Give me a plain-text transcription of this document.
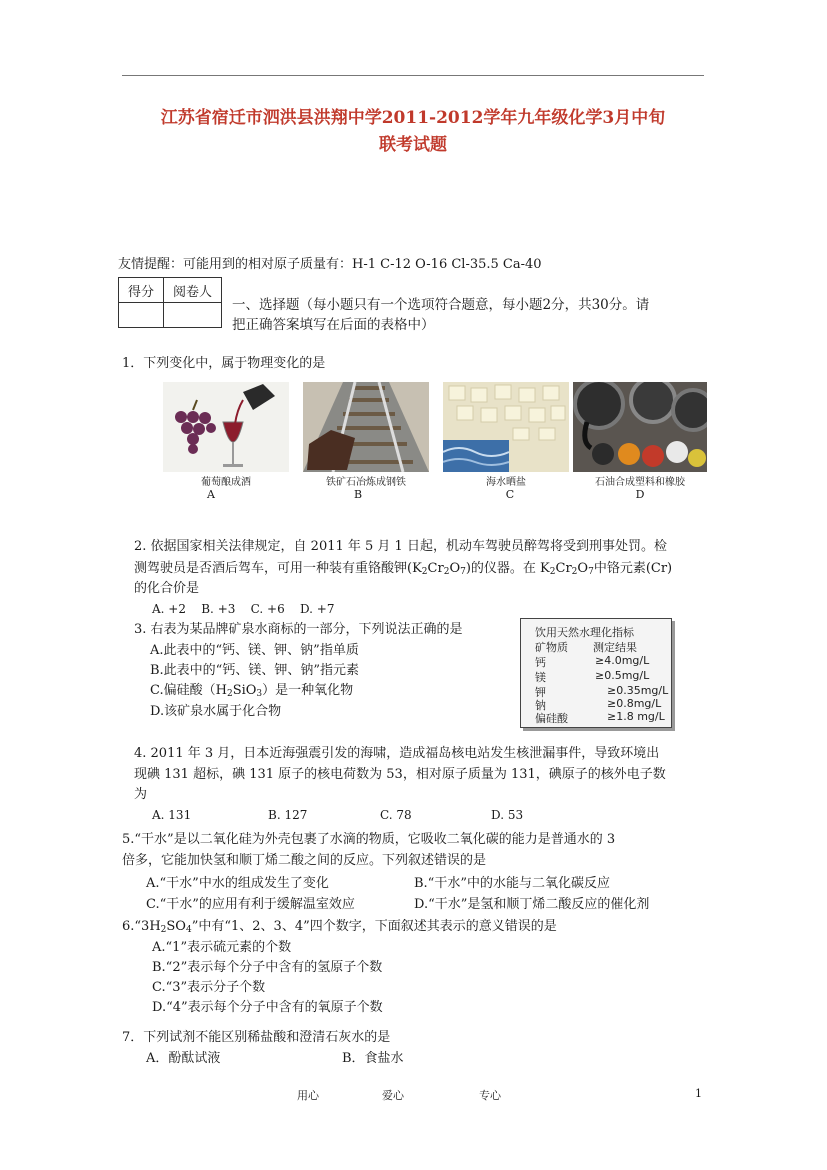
江苏省宿迁市泗洪县洪翔中学2011-2012学年九年级化学3月中旬
联考试题
友情提醒：可能用到的相对原子质量有：H-1 C-12 O-16 Cl-35.5 Ca-40
得分	阅卷人

一、选择题（每小题只有一个选项符合题意，每小题2分，共30分。请
把正确答案填写在后面的表格中）
1．下列变化中，属于物理变化的是
葡萄酿成酒	铁矿石冶炼成钢铁	海水晒盐	石油合成塑料和橡胶
A	B	C	D
2. 依据国家相关法律规定，自 2011 年 5 月 1 日起，机动车驾驶员醉驾将受到刑事处罚。检
测驾驶员是否酒后驾车，可用一种装有重铬酸钾$(K_2Cr_2O_7)$的仪器。在 $K_2Cr_2O_7$中铬元素(Cr)
的化合价是
A. +2    B. +3    C. +6    D. +7
3. 右表为某品牌矿泉水商标的一部分，下列说法正确的是
A.此表中的“钙、镁、钾、钠”指单质
B.此表中的“钙、镁、钾、钠”指元素
C.偏硅酸$(H_2SiO_3)$是一种氧化物
D.该矿泉水属于化合物
饮用天然水理化指标
矿物质 测定结果
钙	≥4.0mg/L
镁	≥0.5mg/L
钾	≥0.35mg/L
钠	≥0.8mg/L
偏硅酸	≥1.8 mg/L
4. 2011 年 3 月，日本近海强震引发的海啸，造成福岛核电站发生核泄漏事件，导致环境出
现碘 131 超标，碘 131 原子的核电荷数为 53，相对原子质量为 131，碘原子的核外电子数
为
A. 131	B. 127	C. 78	D. 53
5.“干水”是以二氧化硅为外壳包裹了水滴的物质，它吸收二氧化碳的能力是普通水的 3
倍多，它能加快氢和顺丁烯二酸之间的反应。下列叙述错误的是
A.“干水”中水的组成发生了变化	B.“干水”中的水能与二氧化碳反应
C.“干水”的应用有利于缓解温室效应	D.“干水”是氢和顺丁烯二酸反应的催化剂
$6.“3H_2SO_4$”中有“1、2、3、4”四个数字，下面叙述其表示的意义错误的是
A.“1”表示硫元素的个数
B.“2”表示每个分子中含有的氢原子个数
C.“3”表示分子个数
D.“4”表示每个分子中含有的氧原子个数
7．下列试剂不能区别稀盐酸和澄清石灰水的是
A．酚酞试液	B．食盐水
用心	爱心	专心	1
